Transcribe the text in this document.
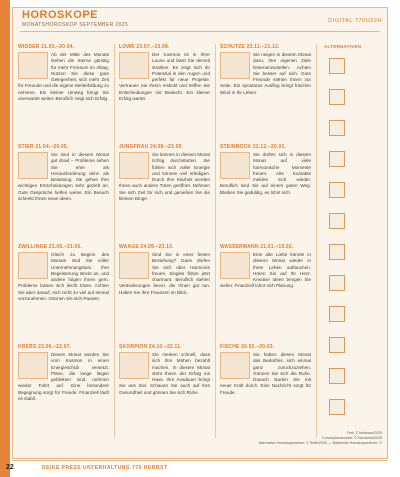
HOROSKOPE
MONATSHOROSKOP SEPTEMBER 2025
DIGITAL 770U22H
WIDDER 21.03.–20.04.

Ab der Mitte des Monats stehen die Sterne günstig für mehr Freiraum im Alltag. Nutzen Sie diese gute Gelegenheit, sich mehr Zeit für Freunde und die eigene Weiterbildung zu nehmen. Ein kleiner Umweg bringt Sie unerwartet weiter. Beruflich zeigt sich Erfolg.

STIER 21.04.–20.05.

Sie sind in diesem Monat gut drauf – Probleme sehen Sie eher als Herausforderung denn als Belastung. Sie gehen Ihre wichtigen Entscheidungen sehr gezielt an. Gute Gespräche helfen weiter. Ein Besuch schenkt Ihnen neue Ideen.

ZWILLINGE 21.05.–21.06.

Gleich zu Beginn des Monats sind Sie voller Unternehmungslust. Ihre Begeisterung steckt an, und andere folgen Ihnen gern. Probleme lassen sich leicht lösen. Achten Sie aber darauf, sich nicht zu viel auf einmal vorzunehmen. Gönnen Sie sich Pausen.

KREBS 22.06.–22.07.

Diesen Monat werden Sie vom Kosmos in einen Energieschub versetzt. Pläne, die lange liegen geblieben sind, nehmen wieder Fahrt auf. Eine besondere Begegnung sorgt für Freude. Finanziell läuft es stabil.

LÖWE 23.07.–23.08.

Der Kosmos ist in Ihrer Laune und lässt Sie derzeit strahlen. Es zeigt sich ihr Potenzial in den Augen und perfekt für neue Projekte. Vertrauen Sie Ihrem Instinkt und treffen Sie Entscheidungen mit Bedacht. Ein kleiner Erfolg wartet.

JUNGFRAU 24.08.–23.09.

Sie können in diesem Monat richtig durchstarten. Sie fühlen sich voller Energie und können viel erledigen. Durch Ihre Klarheit werden Ihnen auch andere Türen geöffnet. Nehmen Sie sich Zeit für sich und genießen Sie die kleinen Dinge.

WAAGE 24.09.–23.10.

Sind Sie in einer festen Beziehung? Dann dürfen Sie sich über Harmonie freuen. Singles flirten jetzt charmant. Beruflich stehen Veränderungen bevor, die Ihnen gut tun. Halten Sie Ihre Finanzen im Blick.

SKORPION 24.10.–22.11.

Sie merken schnell, dass sich Ihre Mühen bezahlt machen. In diesem Monat steht Ihnen der Erfolg ins Haus. Ihre Ausdauer bringt Sie ans Ziel. Schauen Sie auch auf Ihre Gesundheit und gönnen Sie sich Ruhe.

SCHÜTZE 23.11.–21.12.

Sie neigen in diesem Monat dazu, Ihre eigenen Ziele hintenanzustellen. Achten Sie besser auf sich. Gute Freunde stehen Ihnen zur Seite. Ein spontaner Ausflug bringt frischen Wind in Ihr Leben.

STEINBOCK 22.12.–20.01.

Sie dürfen sich in diesem Monat auf viele harmonische Momente freuen. Alte Kontakte melden sich wieder. Beruflich sind Sie auf einem guten Weg. Bleiben Sie geduldig, es lohnt sich.

WASSERMANN 21.01.–19.02.

Eine alte Liebe könnte in diesem Monat wieder in Ihren Leben auftauchen. Hören Sie auf Ihr Herz. Kreative Ideen bringen Sie weiter. Finanziell lohnt sich Planung.

FISCHE 20.02.–20.03.

Sie haben diesen Monat das Bedürfnis, sich einmal ganz zurückzuziehen. Gönnen Sie sich die Ruhe. Danach starten Sie mit neuer Kraft durch. Eine Nachricht sorgt für Freude.

ALTERNATIVEN
Text: © Infoteam/2025
Konzeptionsrechte: © Horizontal2025
Alternative Horoskopzeichen: © Seite/2025 — Bildrechte Horoskopzeichen: ©
22	DEIKE PRESS UNTERHALTUNG 770 HERBST
